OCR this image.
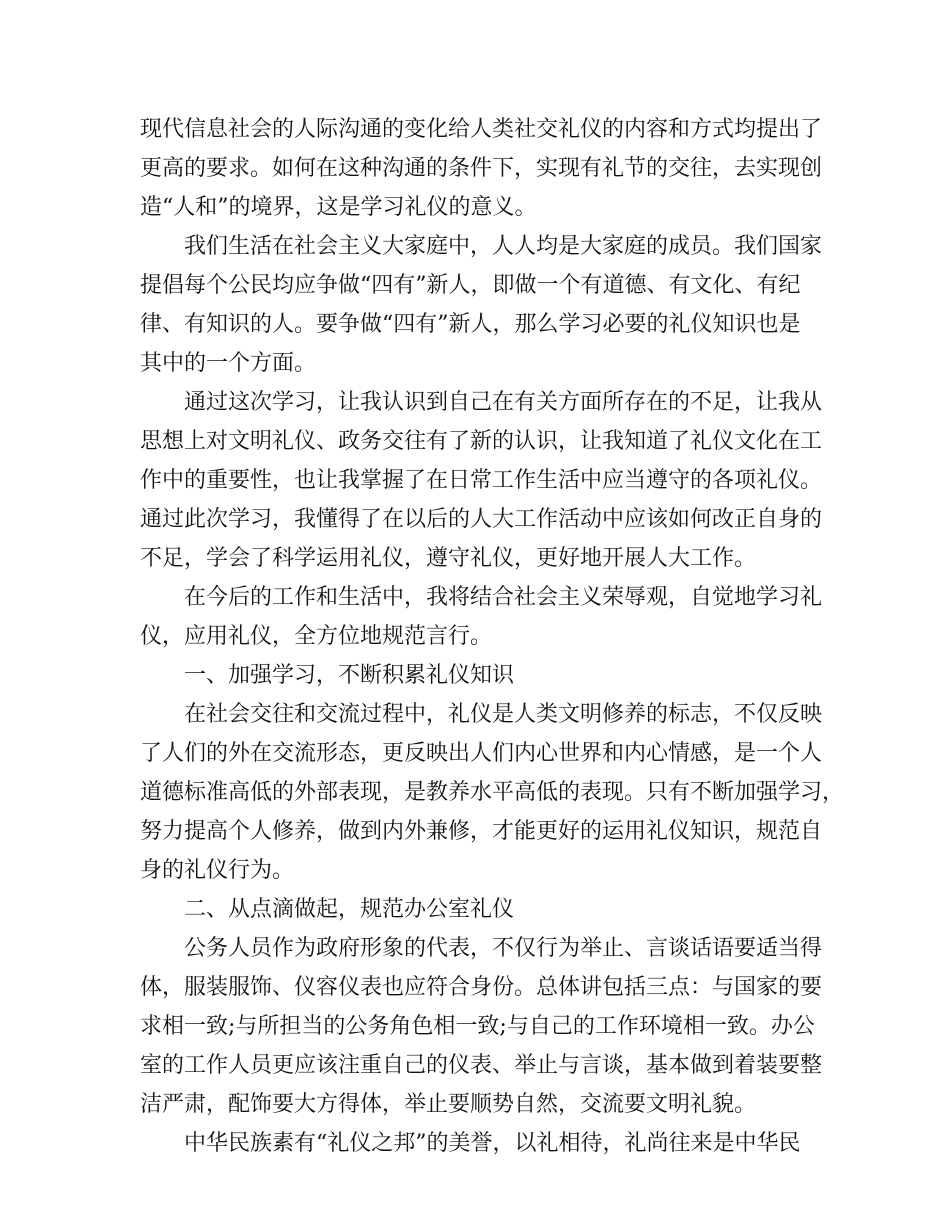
现代信息社会的人际沟通的变化给人类社交礼仪的内容和方式均提出了
更高的要求。如何在这种沟通的条件下，实现有礼节的交往，去实现创
造“人和”的境界，这是学习礼仪的意义。
我们生活在社会主义大家庭中，人人均是大家庭的成员。我们国家
提倡每个公民均应争做“四有”新人，即做一个有道德、有文化、有纪
律、有知识的人。要争做“四有”新人，那么学习必要的礼仪知识也是
其中的一个方面。
通过这次学习，让我认识到自己在有关方面所存在的不足，让我从
思想上对文明礼仪、政务交往有了新的认识，让我知道了礼仪文化在工
作中的重要性，也让我掌握了在日常工作生活中应当遵守的各项礼仪。
通过此次学习，我懂得了在以后的人大工作活动中应该如何改正自身的
不足，学会了科学运用礼仪，遵守礼仪，更好地开展人大工作。
在今后的工作和生活中，我将结合社会主义荣辱观，自觉地学习礼
仪，应用礼仪，全方位地规范言行。
一、加强学习，不断积累礼仪知识
在社会交往和交流过程中，礼仪是人类文明修养的标志，不仅反映
了人们的外在交流形态，更反映出人们内心世界和内心情感，是一个人
道德标准高低的外部表现，是教养水平高低的表现。只有不断加强学习，
努力提高个人修养，做到内外兼修，才能更好的运用礼仪知识，规范自
身的礼仪行为。
二、从点滴做起，规范办公室礼仪
公务人员作为政府形象的代表，不仅行为举止、言谈话语要适当得
体，服装服饰、仪容仪表也应符合身份。总体讲包括三点：与国家的要
求相一致;与所担当的公务角色相一致;与自己的工作环境相一致。办公
室的工作人员更应该注重自己的仪表、举止与言谈，基本做到着装要整
洁严肃，配饰要大方得体，举止要顺势自然，交流要文明礼貌。
中华民族素有“礼仪之邦”的美誉，以礼相待，礼尚往来是中华民
